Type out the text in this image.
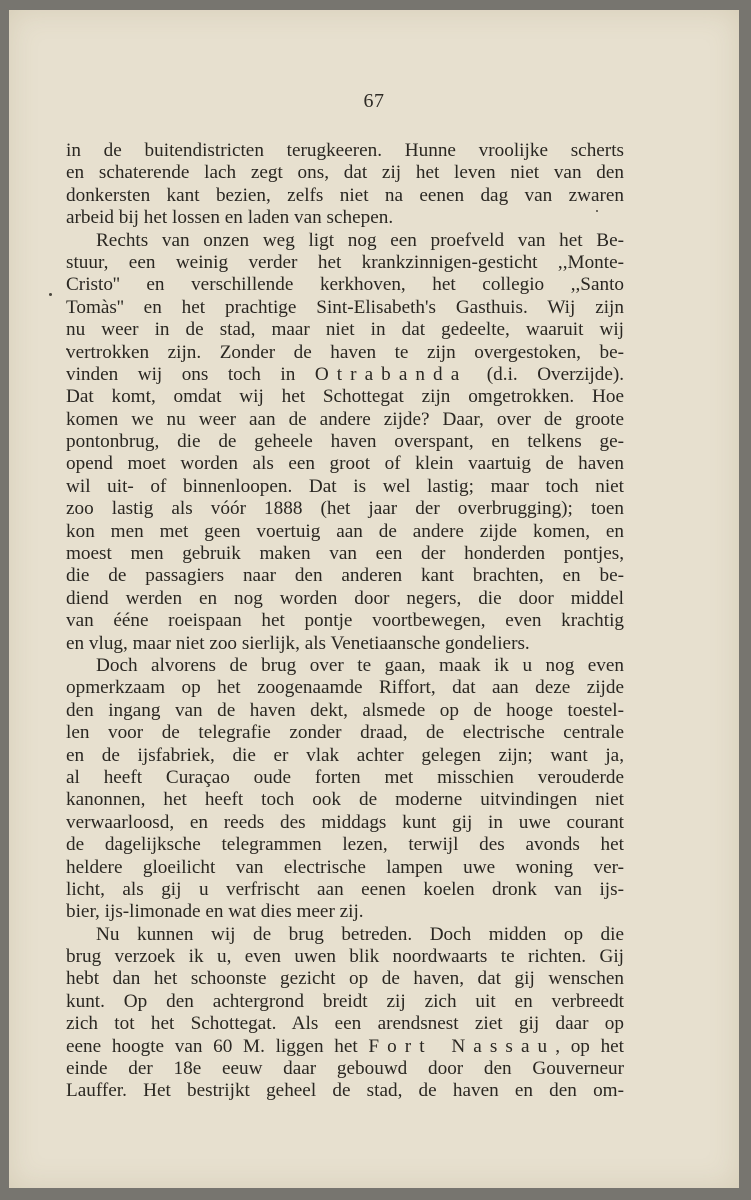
67
in de buitendistricten terugkeeren. Hunne vroolijke scherts
en schaterende lach zegt ons, dat zij het leven niet van den
donkersten kant bezien, zelfs niet na eenen dag van zwaren
arbeid bij het lossen en laden van schepen.
Rechts van onzen weg ligt nog een proefveld van het Be-
stuur, een weinig verder het krankzinnigen-gesticht ,,Monte-
Cristo'' en verschillende kerkhoven, het collegio ,,Santo
Tomàs'' en het prachtige Sint-Elisabeth's Gasthuis. Wij zijn
nu weer in de stad, maar niet in dat gedeelte, waaruit wij
vertrokken zijn. Zonder de haven te zijn overgestoken, be-
vinden wij ons toch in Otrabanda (d.i. Overzijde).
Dat komt, omdat wij het Schottegat zijn omgetrokken. Hoe
komen we nu weer aan de andere zijde? Daar, over de groote
pontonbrug, die de geheele haven overspant, en telkens ge-
opend moet worden als een groot of klein vaartuig de haven
wil uit- of binnenloopen. Dat is wel lastig; maar toch niet
zoo lastig als vóór 1888 (het jaar der overbrugging); toen
kon men met geen voertuig aan de andere zijde komen, en
moest men gebruik maken van een der honderden pontjes,
die de passagiers naar den anderen kant brachten, en be-
diend werden en nog worden door negers, die door middel
van ééne roeispaan het pontje voortbewegen, even krachtig
en vlug, maar niet zoo sierlijk, als Venetiaansche gondeliers.
Doch alvorens de brug over te gaan, maak ik u nog even
opmerkzaam op het zoogenaamde Riffort, dat aan deze zijde
den ingang van de haven dekt, alsmede op de hooge toestel-
len voor de telegrafie zonder draad, de electrische centrale
en de ijsfabriek, die er vlak achter gelegen zijn; want ja,
al heeft Curaçao oude forten met misschien verouderde
kanonnen, het heeft toch ook de moderne uitvindingen niet
verwaarloosd, en reeds des middags kunt gij in uwe courant
de dagelijksche telegrammen lezen, terwijl des avonds het
heldere gloeilicht van electrische lampen uwe woning ver-
licht, als gij u verfrischt aan eenen koelen dronk van ijs-
bier, ijs-limonade en wat dies meer zij.
Nu kunnen wij de brug betreden. Doch midden op die
brug verzoek ik u, even uwen blik noordwaarts te richten. Gij
hebt dan het schoonste gezicht op de haven, dat gij wenschen
kunt. Op den achtergrond breidt zij zich uit en verbreedt
zich tot het Schottegat. Als een arendsnest ziet gij daar op
eene hoogte van 60 M. liggen het Fort Nassau, op het
einde der 18e eeuw daar gebouwd door den Gouverneur
Lauffer. Het bestrijkt geheel de stad, de haven en den om-
